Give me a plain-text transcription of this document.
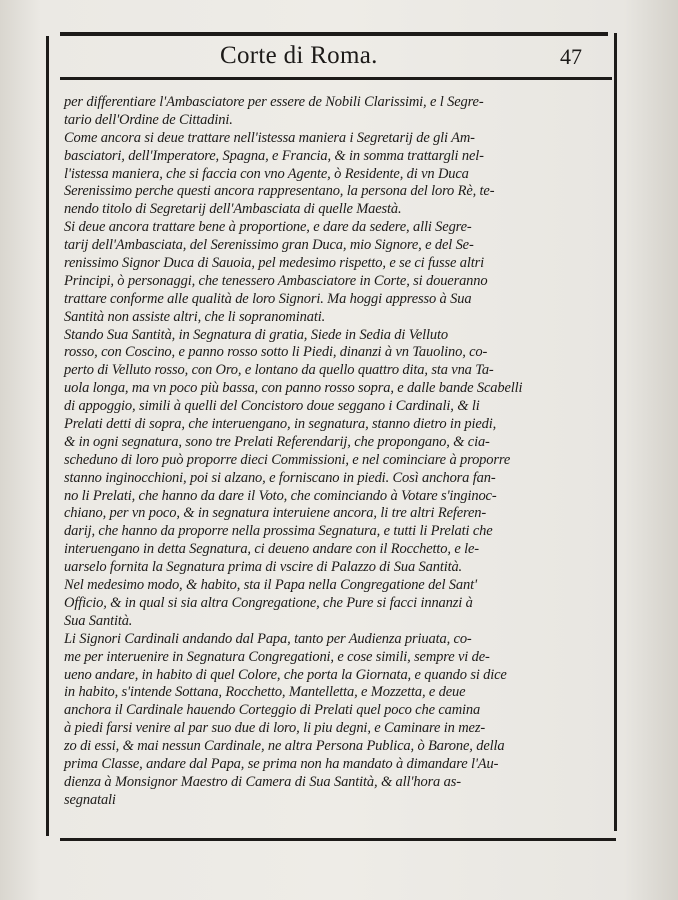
Corte di Roma.	47
per differentiare l'Ambasciatore per essere de Nobili Clarissimi, e l Segre-
tario dell'Ordine de Cittadini.
Come ancora si deue trattare nell'istessa maniera i Segretarij de gli Am-
basciatori, dell'Imperatore, Spagna, e Francia, & in somma trattargli nel-
l'istessa maniera, che si faccia con vno Agente, ò Residente, di vn Duca
Serenissimo perche questi ancora rappresentano, la persona del loro Rè, te-
nendo titolo di Segretarij dell'Ambasciata di quelle Maestà.
Si deue ancora trattare bene à proportione, e dare da sedere, alli Segre-
tarij dell'Ambasciata, del Serenissimo gran Duca, mio Signore, e del Se-
renissimo Signor Duca di Sauoia, pel medesimo rispetto, e se ci fusse altri
Principi, ò personaggi, che tenessero Ambasciatore in Corte, si doueranno
trattare conforme alle qualità de loro Signori. Ma hoggi appresso à Sua
Santità non assiste altri, che li sopranominati.
Stando Sua Santità, in Segnatura di gratia, Siede in Sedia di Velluto
rosso, con Coscino, e panno rosso sotto li Piedi, dinanzi à vn Tauolino, co-
perto di Velluto rosso, con Oro, e lontano da quello quattro dita, sta vna Ta-
uola longa, ma vn poco più bassa, con panno rosso sopra, e dalle bande Scabelli
di appoggio, simili à quelli del Concistoro doue seggano i Cardinali, & li
Prelati detti di sopra, che interuengano, in segnatura, stanno dietro in piedi,
& in ogni segnatura, sono tre Prelati Referendarij, che propongano, & cia-
scheduno di loro può proporre dieci Commissioni, e nel cominciare à proporre
stanno inginocchioni, poi si alzano, e forniscano in piedi. Così anchora fan-
no li Prelati, che hanno da dare il Voto, che cominciando à Votare s'inginoc-
chiano, per vn poco, & in segnatura interuiene ancora, li tre altri Referen-
darij, che hanno da proporre nella prossima Segnatura, e tutti li Prelati che
interuengano in detta Segnatura, ci deueno andare con il Rocchetto, e le-
uarselo fornita la Segnatura prima di vscire di Palazzo di Sua Santità.
Nel medesimo modo, & habito, sta il Papa nella Congregatione del Sant'
Officio, & in qual si sia altra Congregatione, che Pure si facci innanzi à
Sua Santità.
Li Signori Cardinali andando dal Papa, tanto per Audienza priuata, co-
me per interuenire in Segnatura Congregationi, e cose simili, sempre vi de-
ueno andare, in habito di quel Colore, che porta la Giornata, e quando si dice
in habito, s'intende Sottana, Rocchetto, Mantelletta, e Mozzetta, e deue
anchora il Cardinale hauendo Corteggio di Prelati quel poco che camina
à piedi farsi venire al par suo due di loro, li piu degni, e Caminare in mez-
zo di essi, & mai nessun Cardinale, ne altra Persona Publica, ò Barone, della
prima Classe, andare dal Papa, se prima non ha mandato à dimandare l'Au-
dienza à Monsignor Maestro di Camera di Sua Santità, & all'hora as-
segnatali
